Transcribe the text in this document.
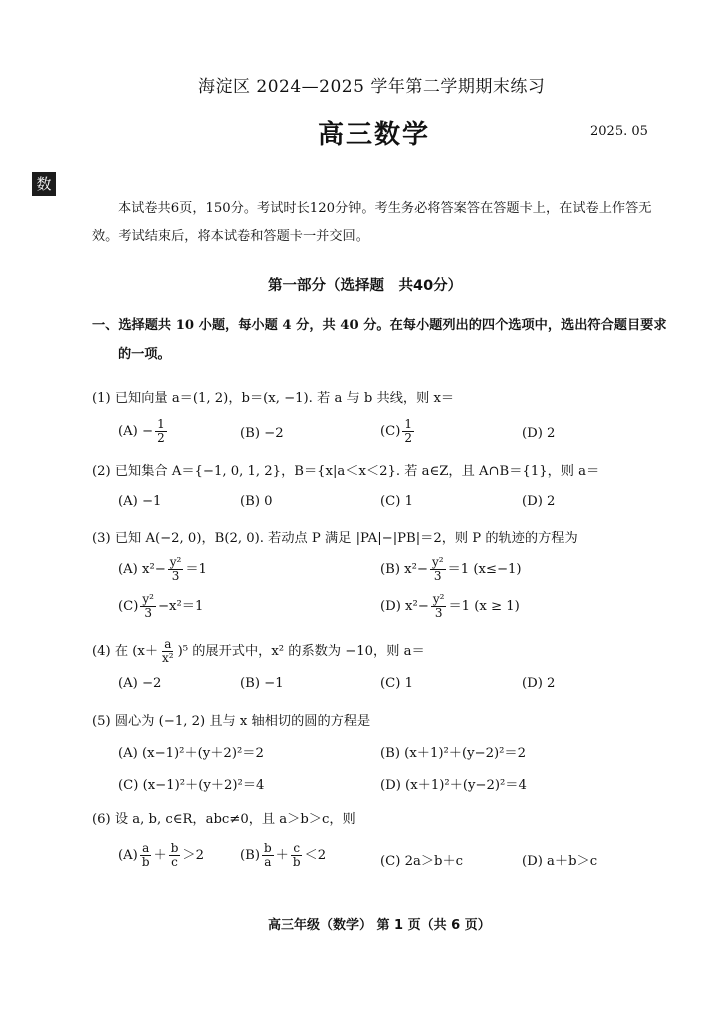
海淀区 2024—2025 学年第二学期期末练习
高三数学	2025. 05
数
本试卷共6页，150分。考试时长120分钟。考生务必将答案答在答题卡上，在试卷上作答无
效。考试结束后，将本试卷和答题卡一并交回。
第一部分（选择题　共40分）
一、选择题共 10 小题，每小题 4 分，共 40 分。在每小题列出的四个选项中，选出符合题目要求
的一项。
(1) 已知向量 a＝(1, 2)，b＝(x, −1). 若 a 与 b 共线，则 x＝
$(A) - \frac{1}{2}$	(B) −2	$(C) \frac{1}{2}$	(D) 2
(2) 已知集合 A＝{−1, 0, 1, 2}，B＝{x|a＜x＜2}. 若 a∈Z，且 A∩B＝{1}，则 a＝
(A) −1	(B) 0	(C) 1	(D) 2
(3) 已知 A(−2, 0)，B(2, 0). 若动点 P 满足 |PA|−|PB|＝2，则 P 的轨迹的方程为
(A) $x^2- \frac{\text{y²}}{3} =1$	(B) $x^2- \frac{\text{y²}}{3} =1$ (x≤−1)
$(C) \frac{\text{y²}}{3} -x^2=1$	(D) $x^2- \frac{\text{y²}}{3} =1$ (x ≥ 1)
(4) 在 $(x+ \frac{a}{\text{x²}} )^5$ 的展开式中，x² 的系数为 −10，则 a＝
(A) −2	(B) −1	(C) 1	(D) 2
(5) 圆心为 (−1, 2) 且与 x 轴相切的圆的方程是
(A) (x−1)²＋(y＋2)²＝2	(B) (x＋1)²＋(y−2)²＝2
(C) (x−1)²＋(y＋2)²＝4	(D) (x＋1)²＋(y−2)²＝4
(6) 设 a, b, c∈R，abc≠0，且 a＞b＞c，则
$(A) \frac{a}{b} + \frac{b}{c} >2$	$(B) \frac{b}{a} + \frac{c}{b} <2$	(C) 2a＞b＋c	(D) a＋b＞c
高三年级（数学） 第 1 页（共 6 页）
